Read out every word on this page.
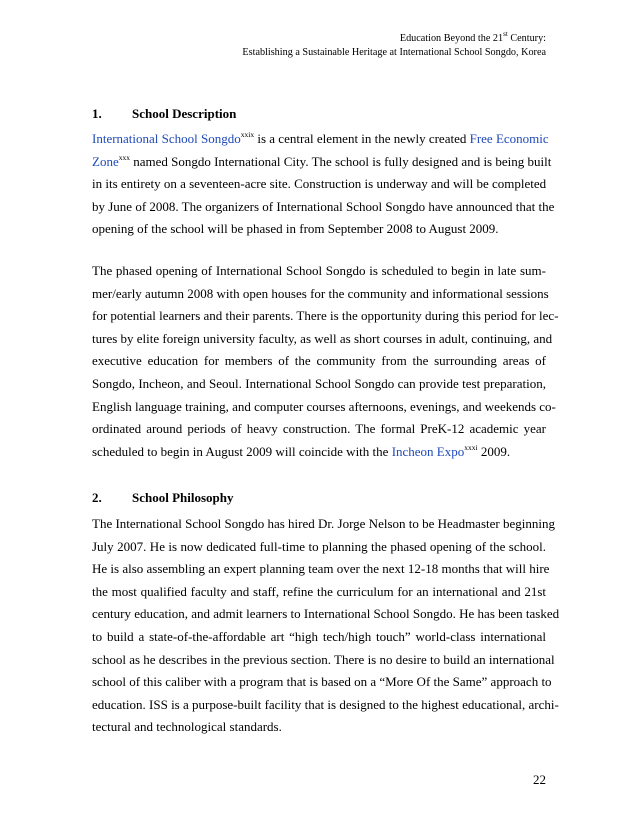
Education Beyond the 21st Century:
Establishing a Sustainable Heritage at International School Songdo, Korea
1. School Description
International School Songdo$^{xxix}$ is a central element in the newly created Free Economic
Zone$^{xxx}$ named Songdo International City. The school is fully designed and is being built
in its entirety on a seventeen-acre site. Construction is underway and will be completed
by June of 2008. The organizers of International School Songdo have announced that the
opening of the school will be phased in from September 2008 to August 2009.
The phased opening of International School Songdo is scheduled to begin in late sum-
mer/early autumn 2008 with open houses for the community and informational sessions
for potential learners and their parents. There is the opportunity during this period for lec-
tures by elite foreign university faculty, as well as short courses in adult, continuing, and
executive education for members of the community from the surrounding areas of
Songdo, Incheon, and Seoul. International School Songdo can provide test preparation,
English language training, and computer courses afternoons, evenings, and weekends co-
ordinated around periods of heavy construction. The formal PreK-12 academic year
scheduled to begin in August 2009 will coincide with the Incheon Expo$^{xxxi}$ 2009.
2. School Philosophy
The International School Songdo has hired Dr. Jorge Nelson to be Headmaster beginning
July 2007. He is now dedicated full-time to planning the phased opening of the school.
He is also assembling an expert planning team over the next 12-18 months that will hire
the most qualified faculty and staff, refine the curriculum for an international and 21st
century education, and admit learners to International School Songdo. He has been tasked
to build a state-of-the-affordable art “high tech/high touch” world-class international
school as he describes in the previous section. There is no desire to build an international
school of this caliber with a program that is based on a “More Of the Same” approach to
education. ISS is a purpose-built facility that is designed to the highest educational, archi-
tectural and technological standards.
22
